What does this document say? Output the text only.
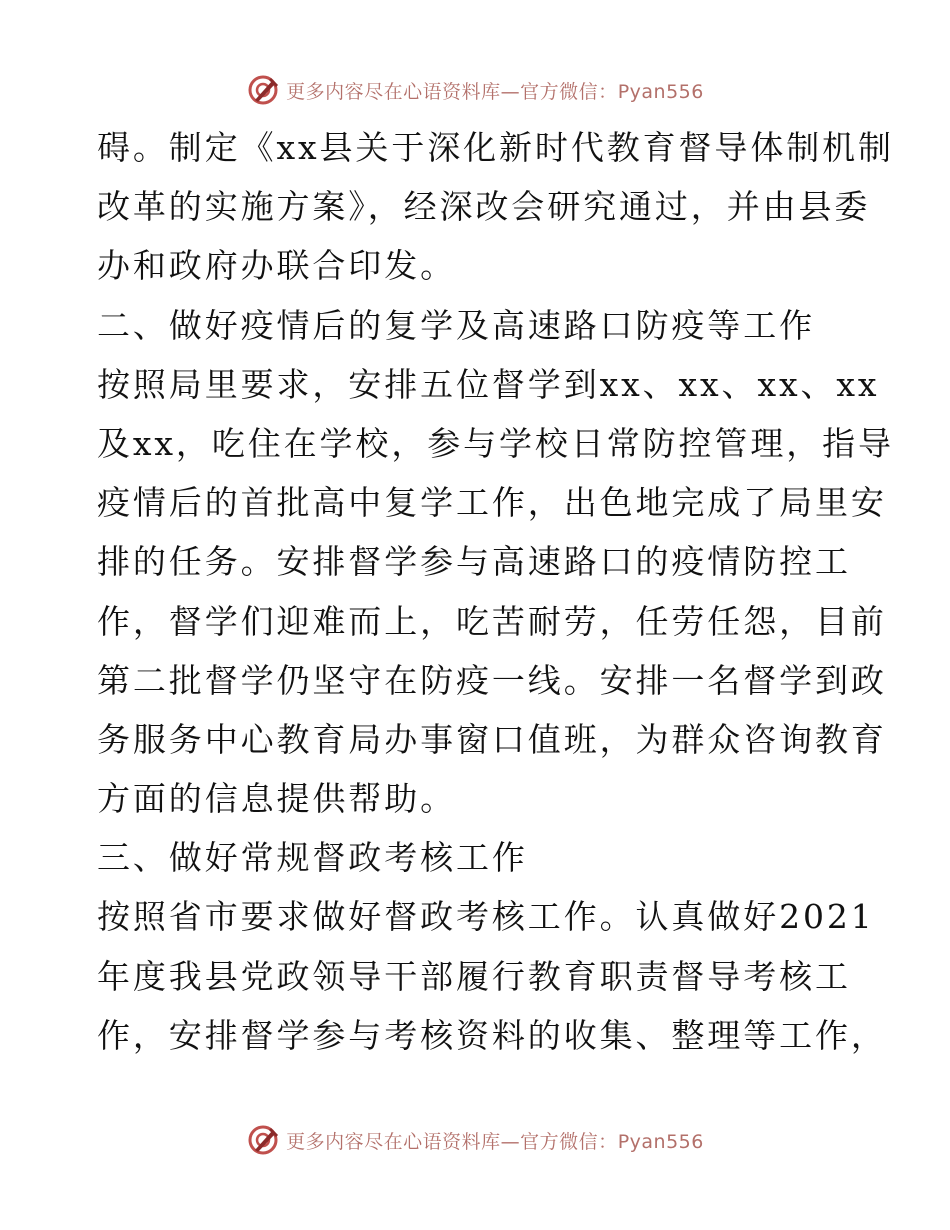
更多内容尽在心语资料库—官方微信：Pyan556
碍。制定《xx县关于深化新时代教育督导体制机制
改革的实施方案》，经深改会研究通过，并由县委
办和政府办联合印发。
二、做好疫情后的复学及高速路口防疫等工作
按照局里要求，安排五位督学到xx、xx、xx、xx
及xx，吃住在学校，参与学校日常防控管理，指导
疫情后的首批高中复学工作，出色地完成了局里安
排的任务。安排督学参与高速路口的疫情防控工
作，督学们迎难而上，吃苦耐劳，任劳任怨，目前
第二批督学仍坚守在防疫一线。安排一名督学到政
务服务中心教育局办事窗口值班，为群众咨询教育
方面的信息提供帮助。
三、做好常规督政考核工作
按照省市要求做好督政考核工作。认真做好2021
年度我县党政领导干部履行教育职责督导考核工
作，安排督学参与考核资料的收集、整理等工作，
更多内容尽在心语资料库—官方微信：Pyan556
